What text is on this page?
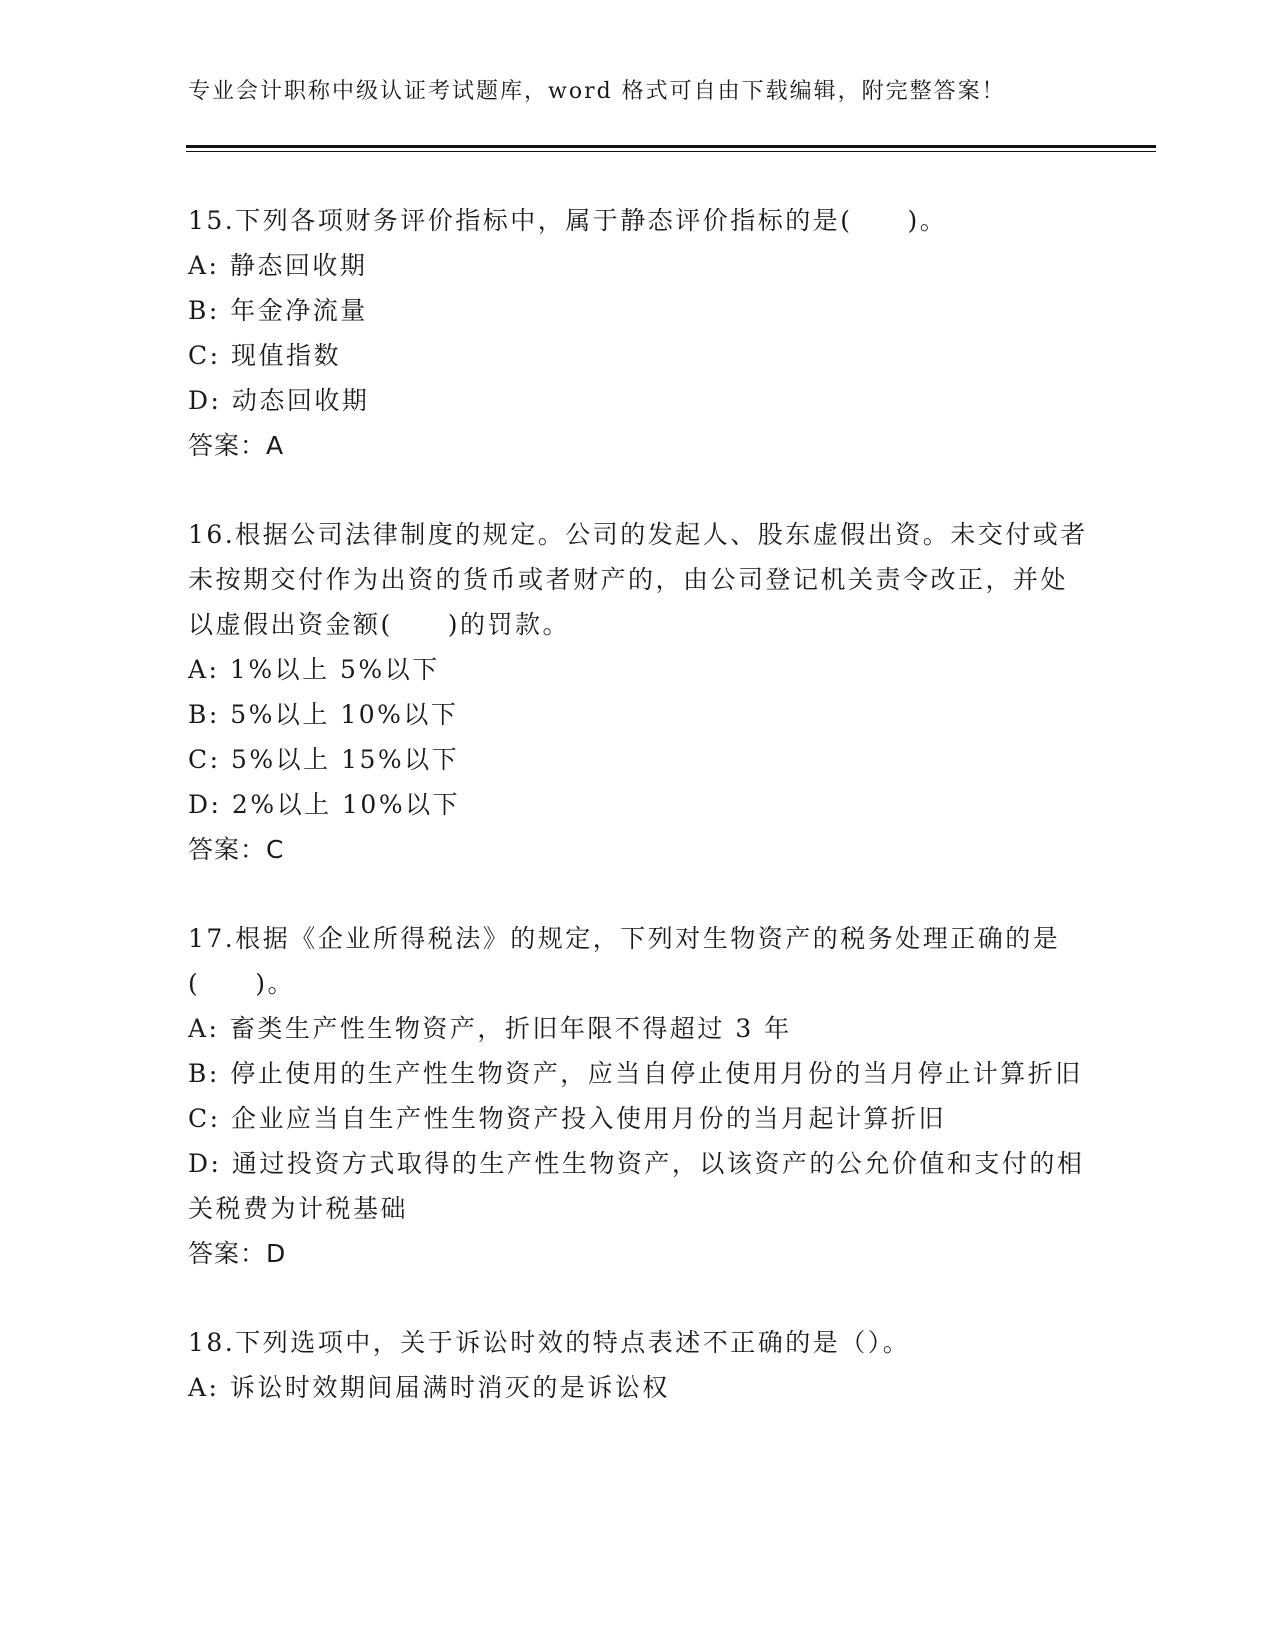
专业会计职称中级认证考试题库，word 格式可自由下载编辑，附完整答案！
15.下列各项财务评价指标中，属于静态评价指标的是(　　)。
A: 静态回收期
B: 年金净流量
C: 现值指数
D: 动态回收期
答案：A
16.根据公司法律制度的规定。公司的发起人、股东虚假出资。未交付或者未按期交付作为出资的货币或者财产的，由公司登记机关责令改正，并处以虚假出资金额(　　)的罚款。
A: 1%以上 5%以下
B: 5%以上 10%以下
C: 5%以上 15%以下
D: 2%以上 10%以下
答案：C
17.根据《企业所得税法》的规定，下列对生物资产的税务处理正确的是(　　)。
A: 畜类生产性生物资产，折旧年限不得超过 3 年
B: 停止使用的生产性生物资产，应当自停止使用月份的当月停止计算折旧
C: 企业应当自生产性生物资产投入使用月份的当月起计算折旧
D: 通过投资方式取得的生产性生物资产，以该资产的公允价值和支付的相关税费为计税基础
答案：D
18.下列选项中，关于诉讼时效的特点表述不正确的是（）。
A: 诉讼时效期间届满时消灭的是诉讼权
